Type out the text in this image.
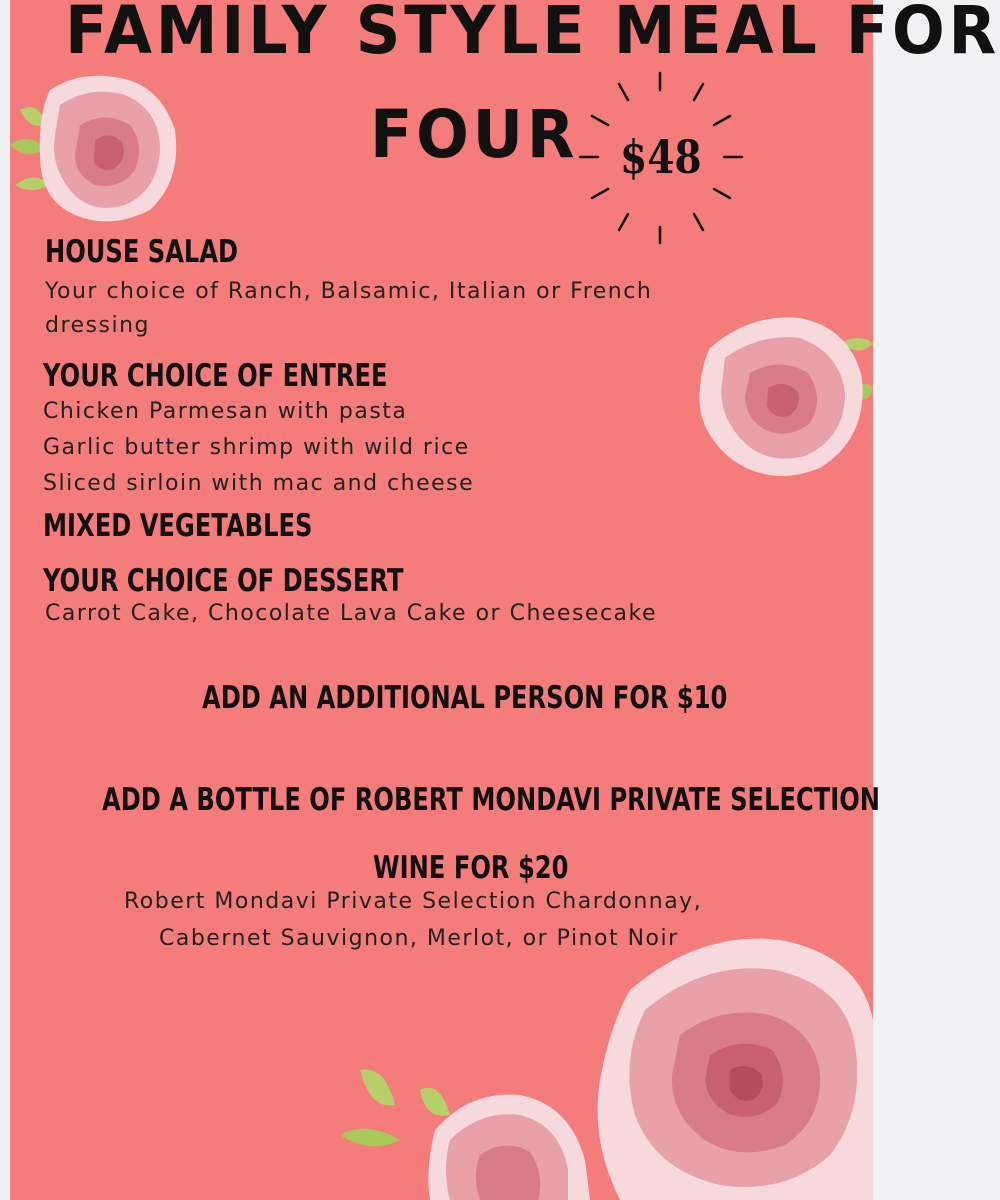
$48
FAMILY STYLE MEAL FOR
FOUR
HOUSE SALAD
Your choice of Ranch, Balsamic, Italian or French
dressing
YOUR CHOICE OF ENTREE
Chicken Parmesan with pasta
Garlic butter shrimp with wild rice
Sliced sirloin with mac and cheese
MIXED VEGETABLES
YOUR CHOICE OF DESSERT
Carrot Cake, Chocolate Lava Cake or Cheesecake
ADD AN ADDITIONAL PERSON FOR $10
ADD A BOTTLE OF ROBERT MONDAVI PRIVATE SELECTION
WINE FOR $20
Robert Mondavi Private Selection Chardonnay,
Cabernet Sauvignon, Merlot, or Pinot Noir
